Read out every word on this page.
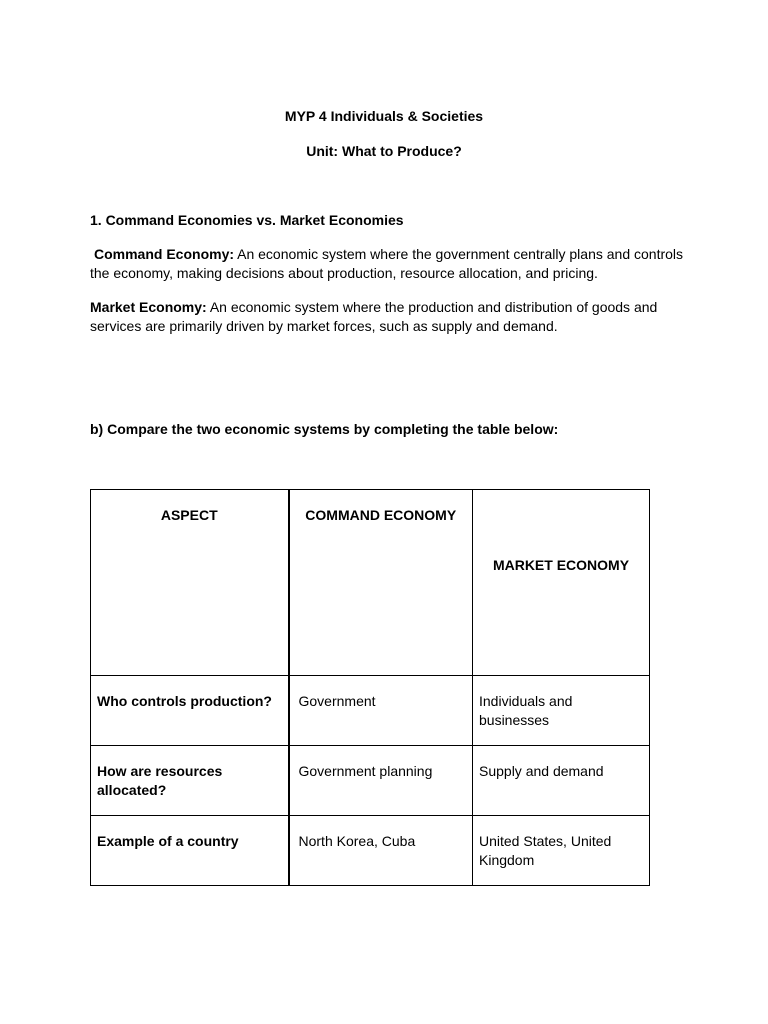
MYP 4 Individuals & Societies
Unit: What to Produce?
1. Command Economies vs. Market Economies
Command Economy: An economic system where the government centrally plans and controls the economy, making decisions about production, resource allocation, and pricing.
Market Economy: An economic system where the production and distribution of goods and services are primarily driven by market forces, such as supply and demand.
b) Compare the two economic systems by completing the table below:
ASPECT	COMMAND ECONOMY	MARKET ECONOMY

Who controls production?	Government	Individuals and businesses

How are resources allocated?	Government planning	Supply and demand

Example of a country	North Korea, Cuba	United States, United Kingdom
